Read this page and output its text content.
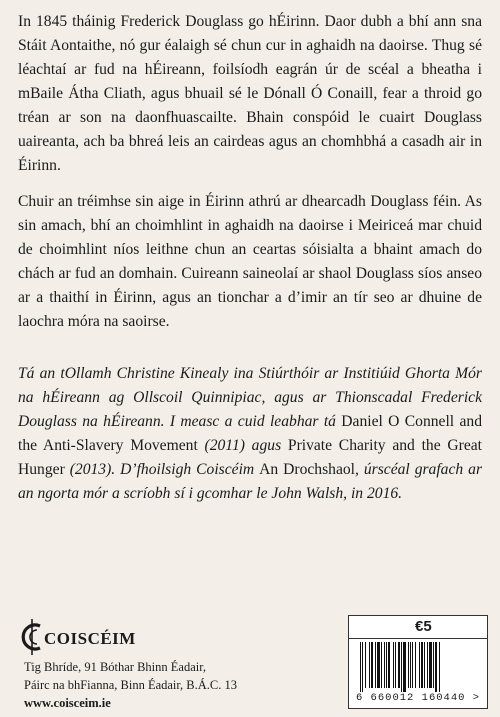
In 1845 tháinig Frederick Douglass go hÉirinn. Daor dubh a bhí ann sna Stáit Aontaithe, nó gur éalaigh sé chun cur in aghaidh na daoirse. Thug sé léachtaí ar fud na hÉireann, foilsíodh eagrán úr de scéal a bheatha i mBaile Átha Cliath, agus bhuail sé le Dónall Ó Conaill, fear a throid go tréan ar son na daonfhuascailte. Bhain conspóid le cuairt Douglass uaireanta, ach ba bhreá leis an cairdeas agus an chomhbhá a casadh air in Éirinn.

Chuir an tréimhse sin aige in Éirinn athrú ar dhearcadh Douglass féin. As sin amach, bhí an choimhlint in aghaidh na daoirse i Meiriceá mar chuid de choimhlint níos leithne chun an ceartas sóisialta a bhaint amach do chách ar fud an domhain. Cuireann saineolaí ar shaol Douglass síos anseo ar a thaithí in Éirinn, agus an tionchar a d’imir an tír seo ar dhuine de laochra móra na saoirse.

Tá an tOllamh Christine Kinealy ina Stiúrthóir ar Institiúid Ghorta Mór na hÉireann ag Ollscoil Quinnipiac, agus ar Thionscadal Frederick Douglass na hÉireann. I measc a cuid leabhar tá Daniel O Connell and the Anti-Slavery Movement (2011) agus Private Charity and the Great Hunger (2013). D’fhoilsigh Coiscéim An Drochshaol, úrscéal grafach ar an ngorta mór a scríobh sí i gcomhar le John Walsh, in 2016.

COISCÉIM
Tig Bhríde, 91 Bóthar Bhinn Éadair,
Páirc na bhFianna, Binn Éadair, B.Á.C. 13
www.coisceim.ie
€5
6 660012 160440 >
